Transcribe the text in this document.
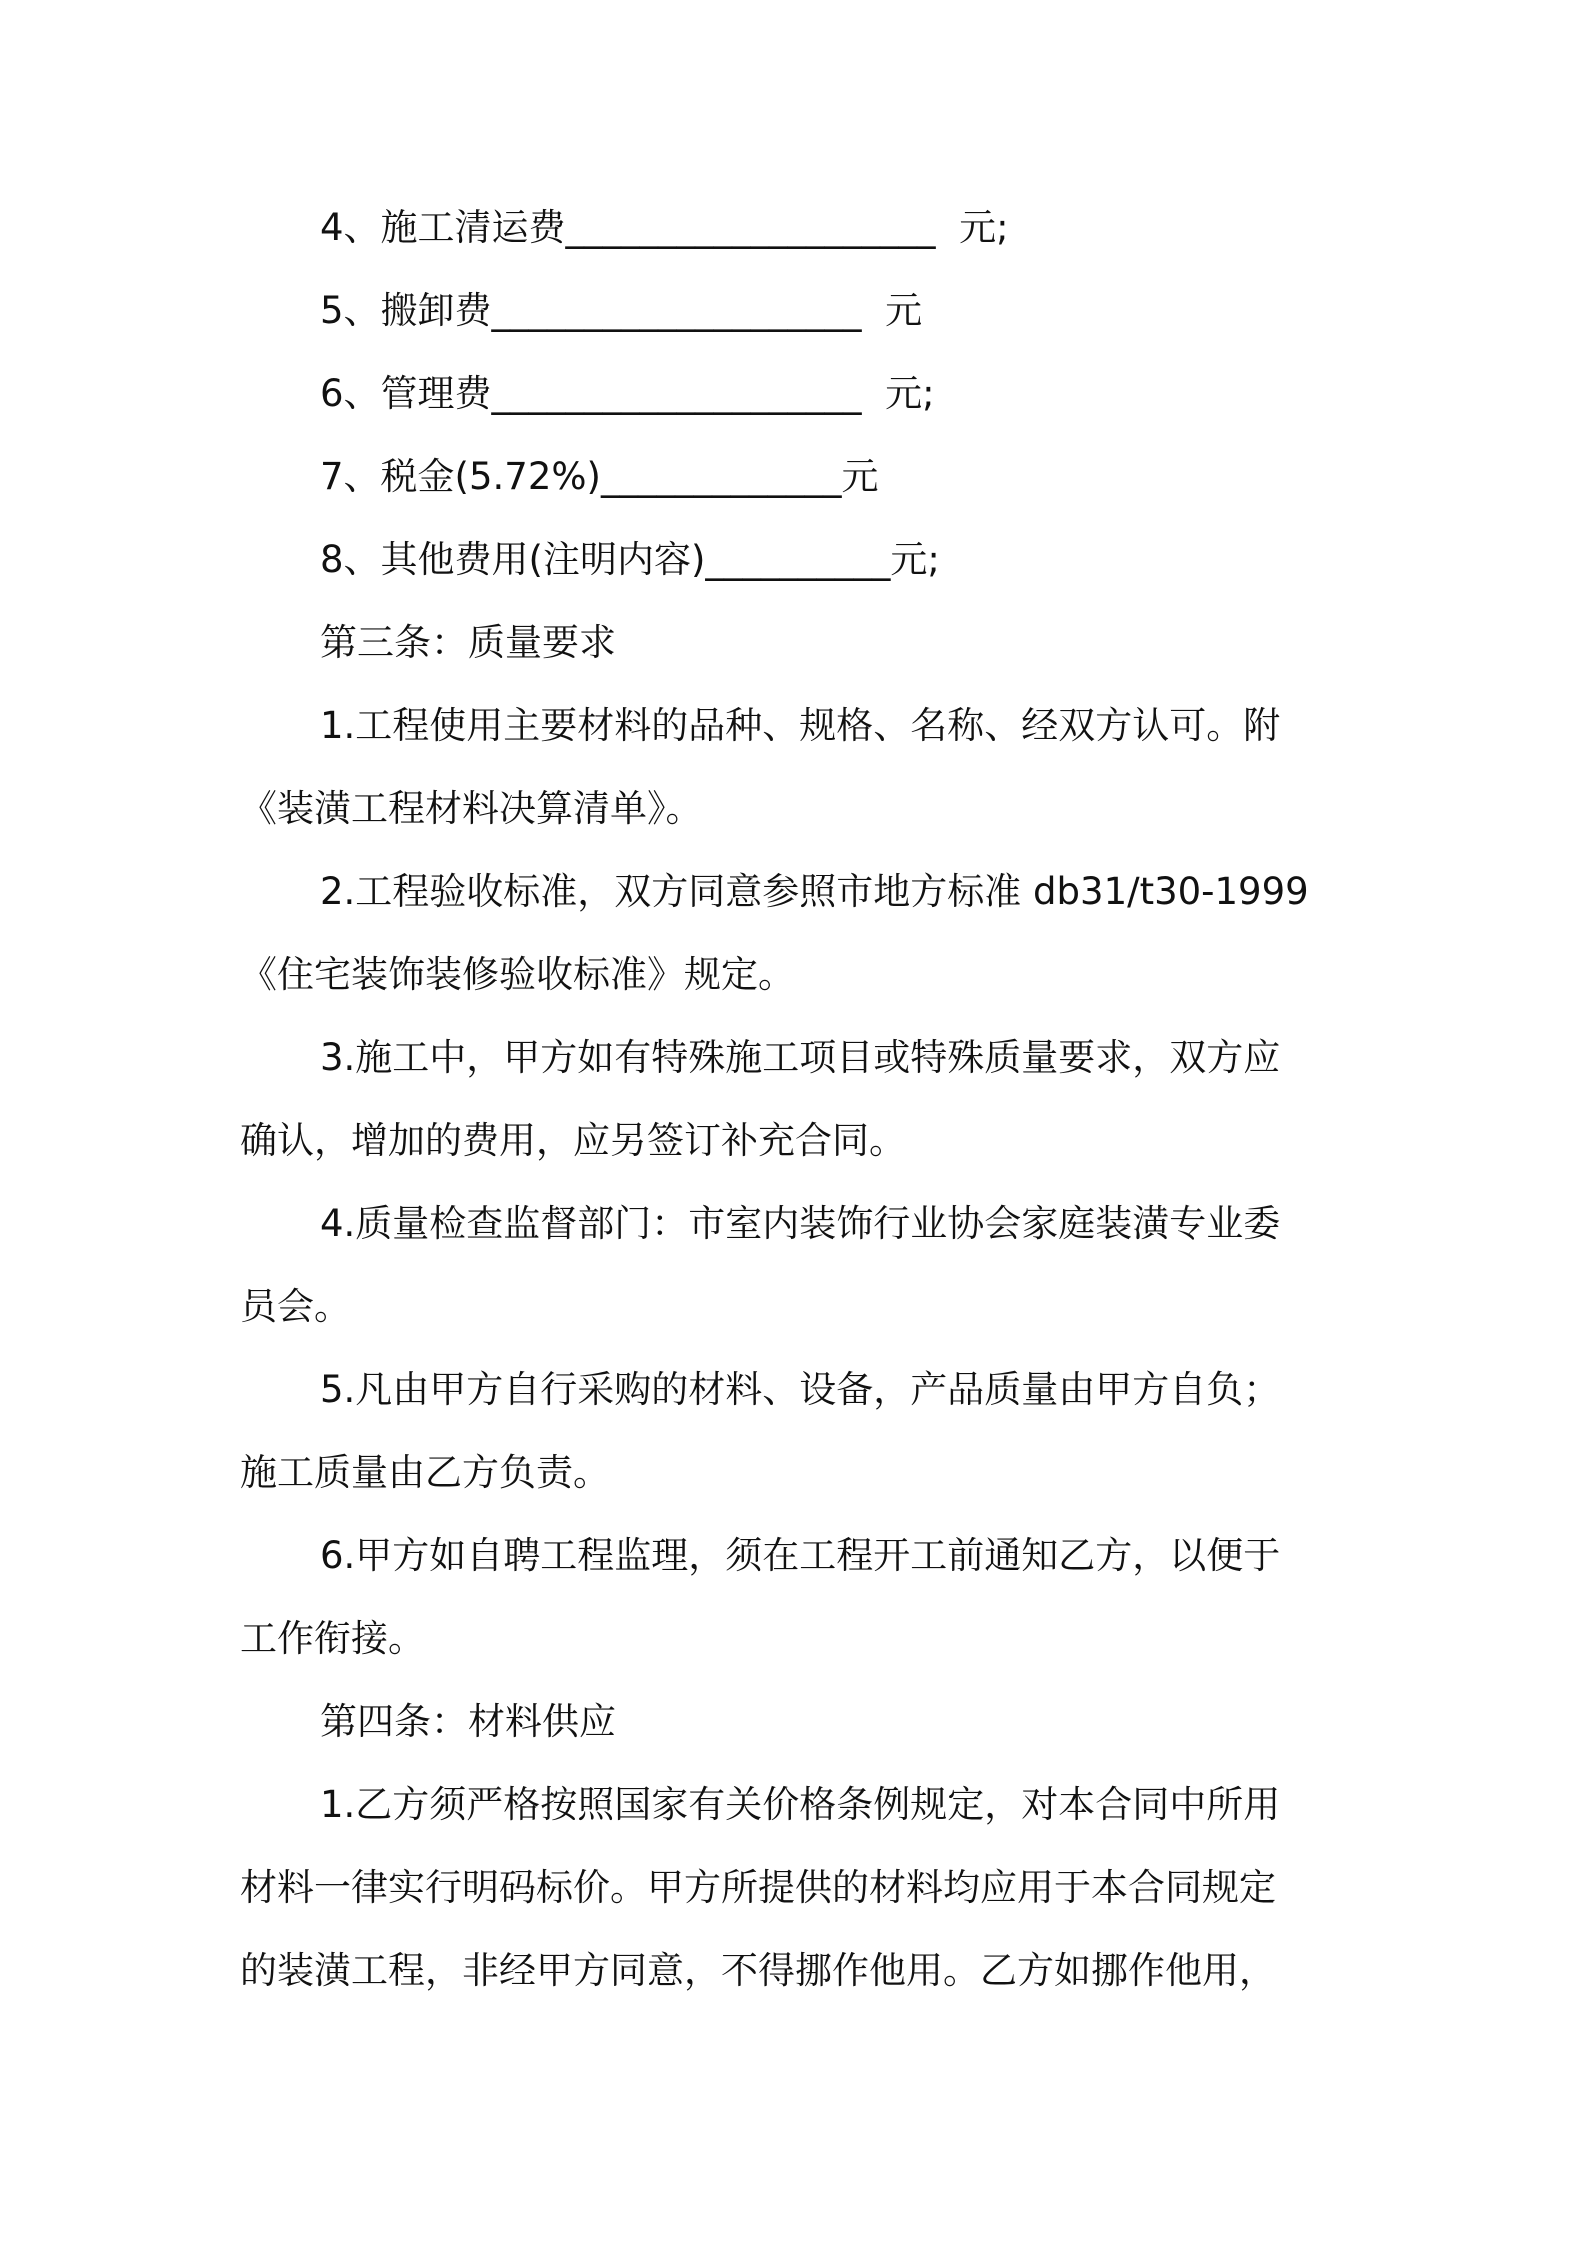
4、施工清运费____________________  元;
5、搬卸费____________________  元
6、管理费____________________  元;
7、税金(5.72%)_____________元
8、其他费用(注明内容)__________元;
第三条：质量要求
1.工程使用主要材料的品种、规格、名称、经双方认可。附
《装潢工程材料决算清单》。
2.工程验收标准，双方同意参照市地方标准 db31/t30-1999
《住宅装饰装修验收标准》规定。
3.施工中，甲方如有特殊施工项目或特殊质量要求，双方应
确认，增加的费用，应另签订补充合同。
4.质量检查监督部门：市室内装饰行业协会家庭装潢专业委
员会。
5.凡由甲方自行采购的材料、设备，产品质量由甲方自负；
施工质量由乙方负责。
6.甲方如自聘工程监理，须在工程开工前通知乙方，以便于
工作衔接。
第四条：材料供应
1.乙方须严格按照国家有关价格条例规定，对本合同中所用
材料一律实行明码标价。甲方所提供的材料均应用于本合同规定
的装潢工程，非经甲方同意，不得挪作他用。乙方如挪作他用，
